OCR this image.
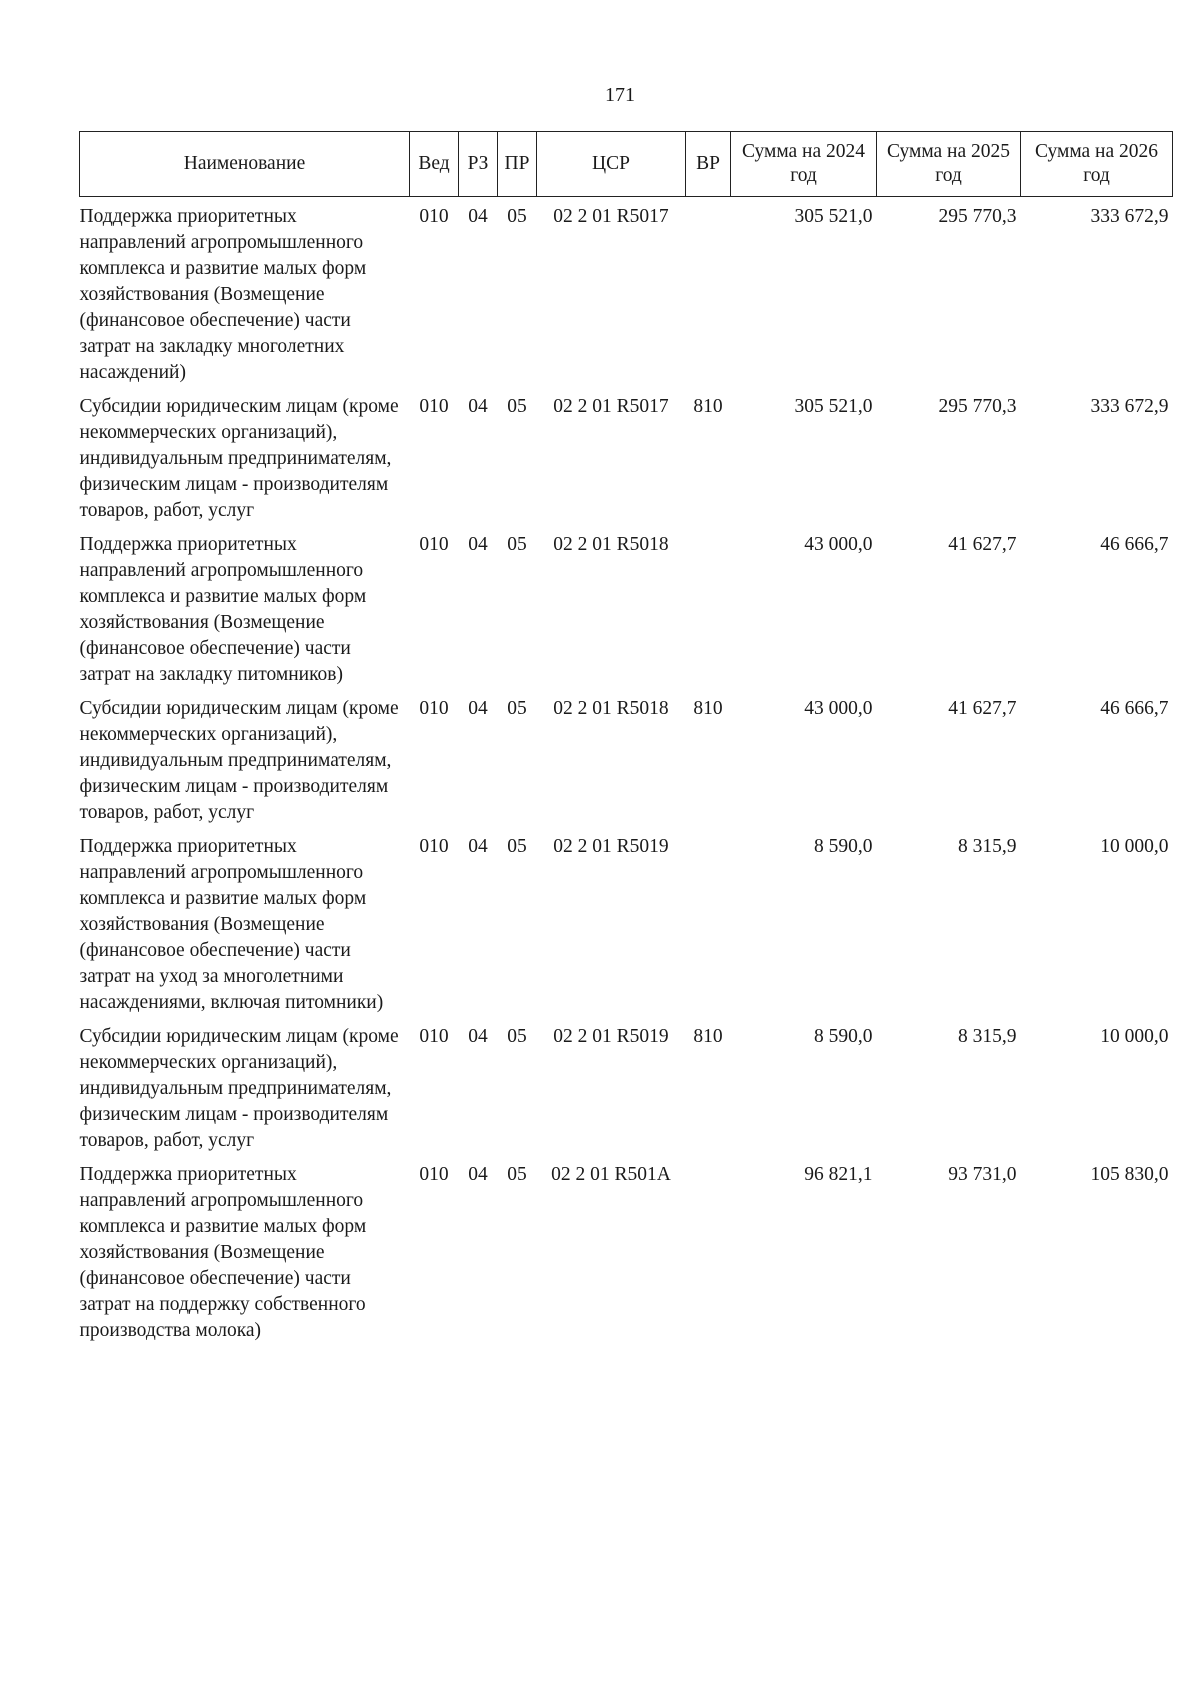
171
Наименование	Вед	РЗ	ПР	ЦСР	ВР	Сумма на 2024 год	Сумма на 2025 год	Сумма на 2026 год
Поддержка приоритетных направлений агропромышленного комплекса и развитие малых форм хозяйствования (Возмещение (финансовое обеспечение) части затрат на закладку многолетних насаждений)	010	04	05	02 2 01 R5017		305 521,0	295 770,3	333 672,9
Субсидии юридическим лицам (кроме некоммерческих организаций), индивидуальным предпринимателям, физическим лицам - производителям товаров, работ, услуг	010	04	05	02 2 01 R5017	810	305 521,0	295 770,3	333 672,9
Поддержка приоритетных направлений агропромышленного комплекса и развитие малых форм хозяйствования (Возмещение (финансовое обеспечение) части затрат на закладку питомников)	010	04	05	02 2 01 R5018		43 000,0	41 627,7	46 666,7
Субсидии юридическим лицам (кроме некоммерческих организаций), индивидуальным предпринимателям, физическим лицам - производителям товаров, работ, услуг	010	04	05	02 2 01 R5018	810	43 000,0	41 627,7	46 666,7
Поддержка приоритетных направлений агропромышленного комплекса и развитие малых форм хозяйствования (Возмещение (финансовое обеспечение) части затрат на уход за многолетними насаждениями, включая питомники)	010	04	05	02 2 01 R5019		8 590,0	8 315,9	10 000,0
Субсидии юридическим лицам (кроме некоммерческих организаций), индивидуальным предпринимателям, физическим лицам - производителям товаров, работ, услуг	010	04	05	02 2 01 R5019	810	8 590,0	8 315,9	10 000,0
Поддержка приоритетных направлений агропромышленного комплекса и развитие малых форм хозяйствования (Возмещение (финансовое обеспечение) части затрат на поддержку собственного производства молока)	010	04	05	02 2 01 R501А		96 821,1	93 731,0	105 830,0
